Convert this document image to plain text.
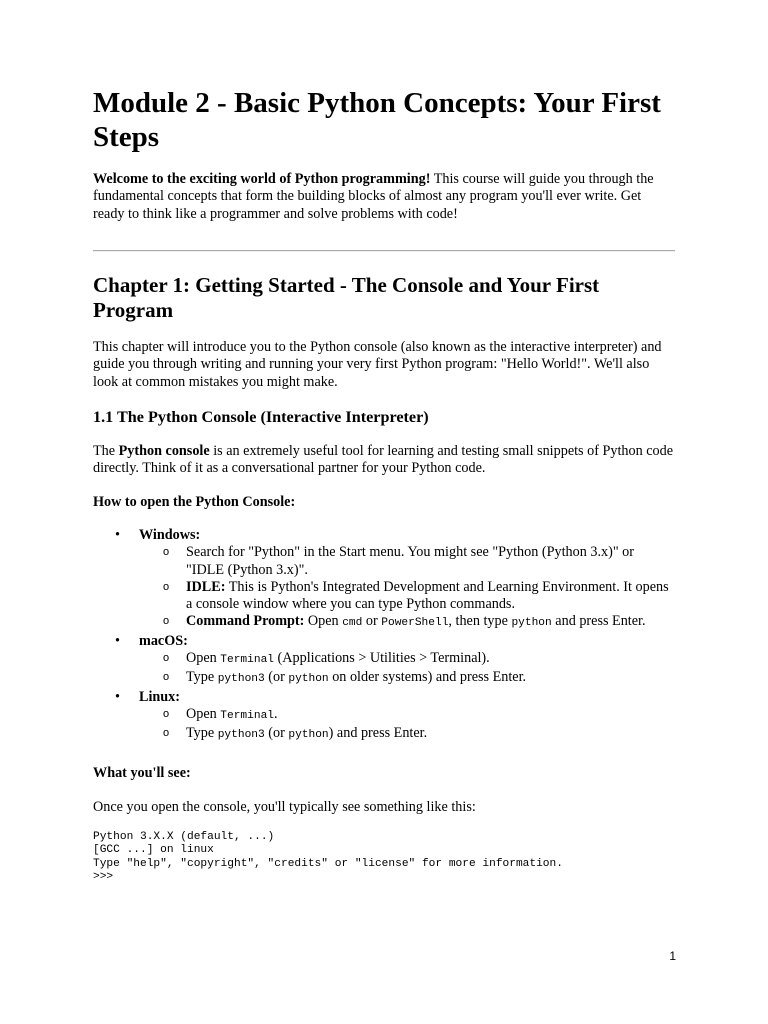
Module 2 - Basic Python Concepts: Your First Steps

Welcome to the exciting world of Python programming! This course will guide you through the fundamental concepts that form the building blocks of almost any program you'll ever write. Get ready to think like a programmer and solve problems with code!

Chapter 1: Getting Started - The Console and Your First Program

This chapter will introduce you to the Python console (also known as the interactive interpreter) and guide you through writing and running your very first Python program: "Hello World!". We'll also look at common mistakes you might make.

1.1 The Python Console (Interactive Interpreter)

The Python console is an extremely useful tool for learning and testing small snippets of Python code directly. Think of it as a conversational partner for your Python code.

How to open the Python Console:

• Windows:
o Search for "Python" in the Start menu. You might see "Python (Python 3.x)" or "IDLE (Python 3.x)".
o IDLE: This is Python's Integrated Development and Learning Environment. It opens a console window where you can type Python commands.
o Command Prompt: Open cmd or PowerShell, then type python and press Enter.
• macOS:
o Open Terminal (Applications > Utilities > Terminal).
o Type python3 (or python on older systems) and press Enter.
• Linux:
o Open Terminal.
o Type python3 (or python) and press Enter.

What you'll see:

Once you open the console, you'll typically see something like this:

Python 3.X.X (default, ...)
[GCC ...] on linux
Type "help", "copyright", "credits" or "license" for more information.
>>>
1
